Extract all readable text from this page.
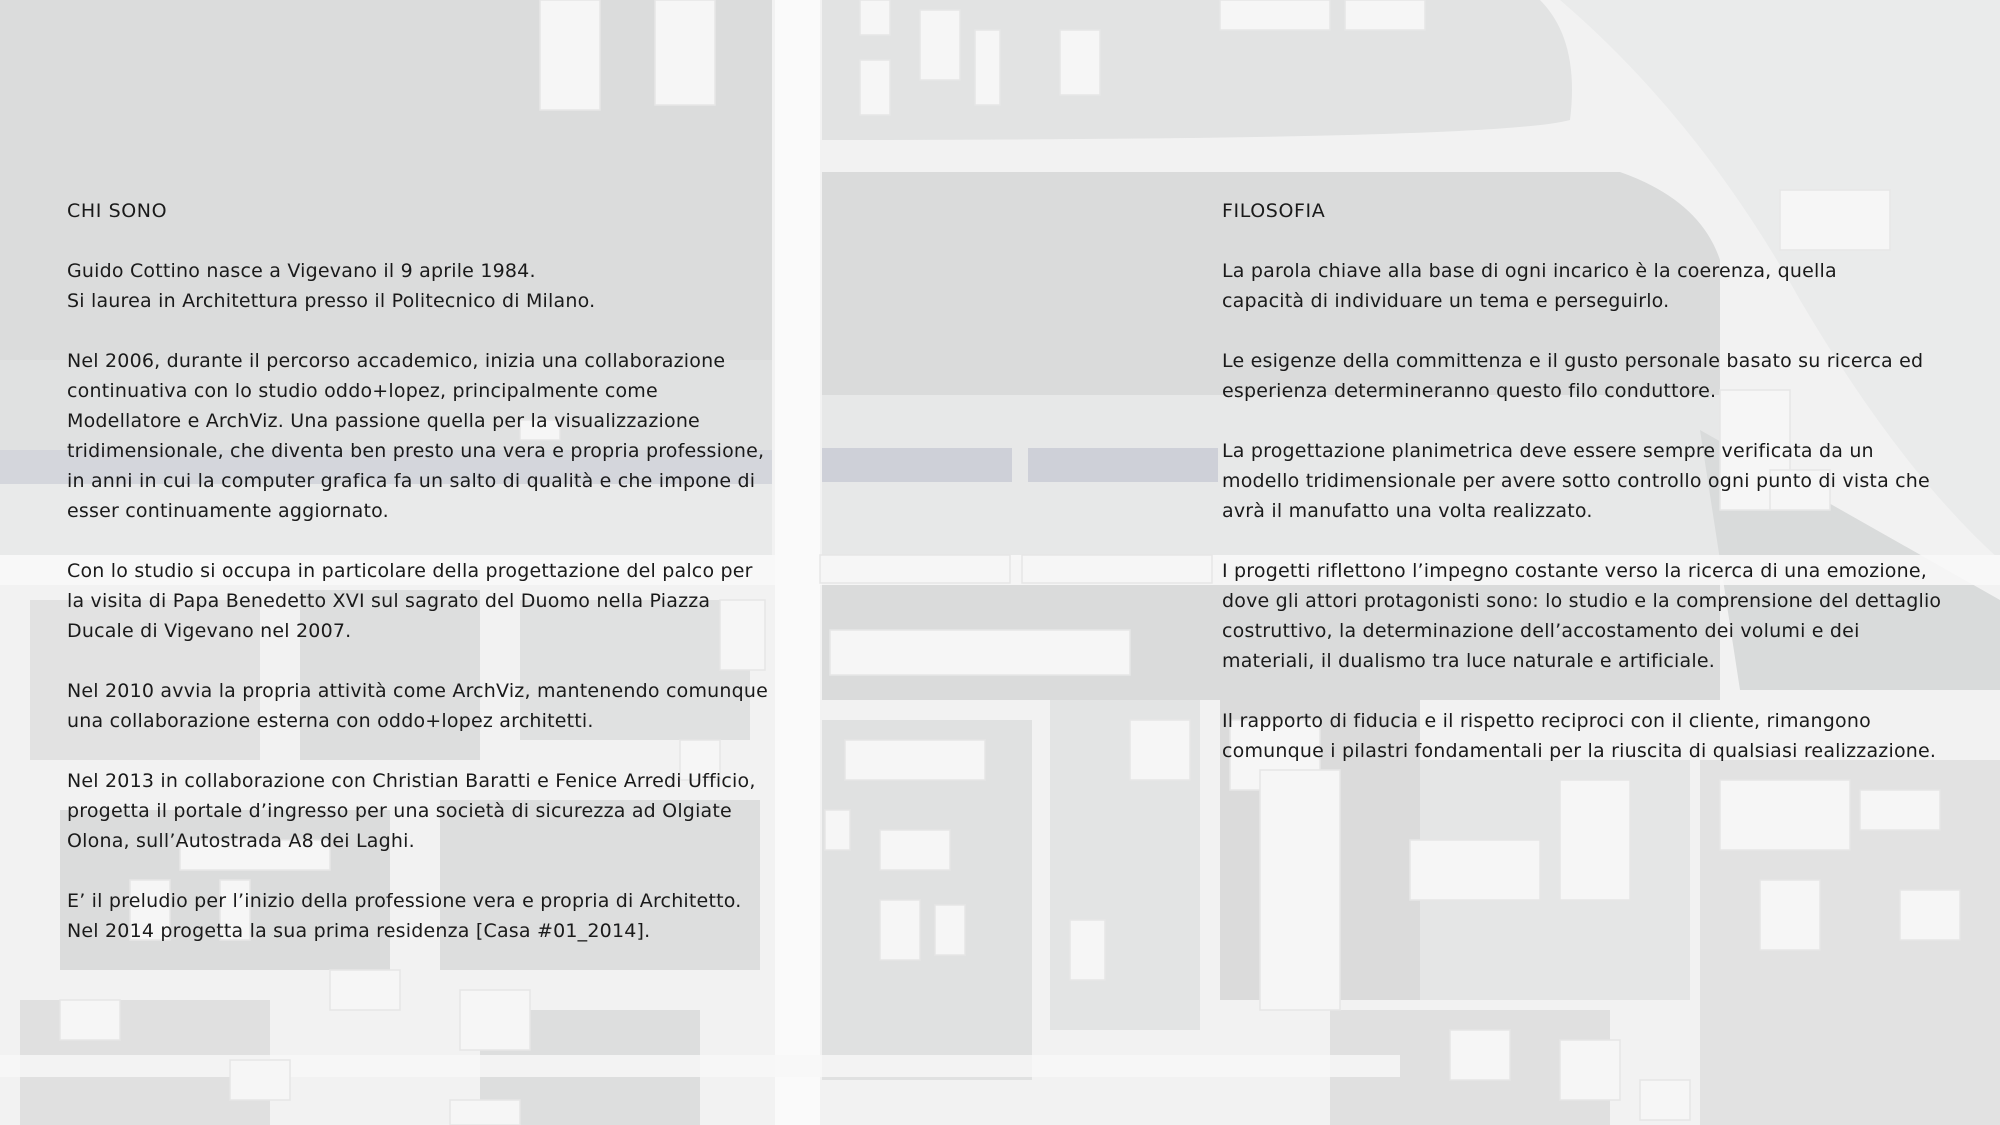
CHI SONO

Guido Cottino nasce a Vigevano il 9 aprile 1984.
Si laurea in Architettura presso il Politecnico di Milano.

Nel 2006, durante il percorso accademico, inizia una collaborazione
continuativa con lo studio oddo+lopez, principalmente come
Modellatore e ArchViz. Una passione quella per la visualizzazione
tridimensionale, che diventa ben presto una vera e propria professione,
in anni in cui la computer grafica fa un salto di qualità e che impone di
esser continuamente aggiornato.

Con lo studio si occupa in particolare della progettazione del palco per
la visita di Papa Benedetto XVI sul sagrato del Duomo nella Piazza
Ducale di Vigevano nel 2007.

Nel 2010 avvia la propria attività come ArchViz, mantenendo comunque
una collaborazione esterna con oddo+lopez architetti.

Nel 2013 in collaborazione con Christian Baratti e Fenice Arredi Ufficio,
progetta il portale d’ingresso per una società di sicurezza ad Olgiate
Olona, sull’Autostrada A8 dei Laghi.

E’ il preludio per l’inizio della professione vera e propria di Architetto.
Nel 2014 progetta la sua prima residenza [Casa #01_2014].

FILOSOFIA

La parola chiave alla base di ogni incarico è la coerenza, quella
capacità di individuare un tema e perseguirlo.

Le esigenze della committenza e il gusto personale basato su ricerca ed
esperienza determineranno questo filo conduttore.

La progettazione planimetrica deve essere sempre verificata da un
modello tridimensionale per avere sotto controllo ogni punto di vista che
avrà il manufatto una volta realizzato.

I progetti riflettono l’impegno costante verso la ricerca di una emozione,
dove gli attori protagonisti sono: lo studio e la comprensione del dettaglio
costruttivo, la determinazione dell’accostamento dei volumi e dei
materiali, il dualismo tra luce naturale e artificiale.

Il rapporto di fiducia e il rispetto reciproci con il cliente, rimangono
comunque i pilastri fondamentali per la riuscita di qualsiasi realizzazione.
